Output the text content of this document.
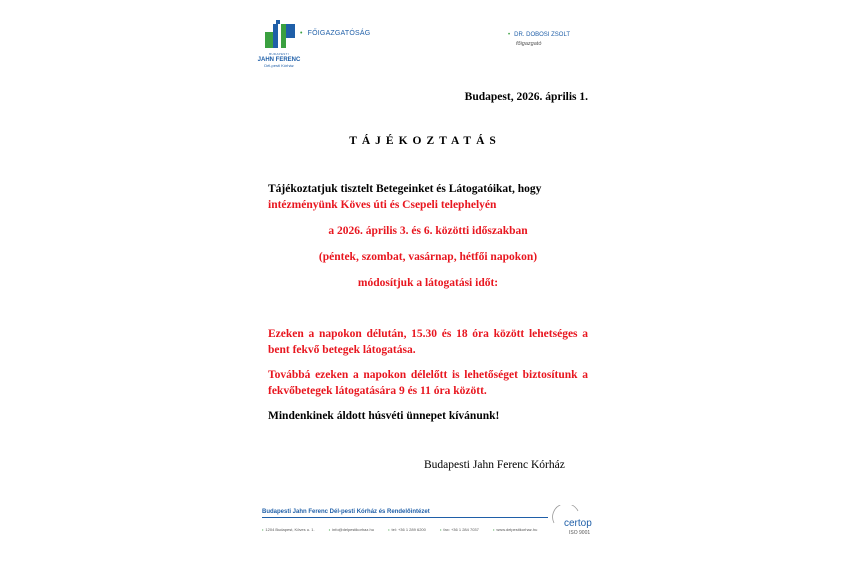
BUDAPESTI
JAHN FERENC
Dél-pesti Kórház
• FŐIGAZGATÓSÁG	• DR. DOBOSI ZSOLT
főigazgató
Budapest, 2026. április 1.
TÁJÉKOZTATÁS
Tájékoztatjuk tisztelt Betegeinket és Látogatóikat, hogy
intézményünk Köves úti és Csepeli telephelyén
a 2026. április 3. és 6. közötti időszakban
(péntek, szombat, vasárnap, hétfői napokon)
módosítjuk a látogatási időt:
Ezeken a napokon délután, 15.30 és 18 óra között lehetséges a bent fekvő betegek látogatása.
Továbbá ezeken a napokon délelőtt is lehetőséget biztosítunk a fekvőbetegek látogatására 9 és 11 óra között.
Mindenkinek áldott húsvéti ünnepet kívánunk!
Budapesti Jahn Ferenc Kórház
Budapesti Jahn Ferenc Dél-pesti Kórház és Rendelőintézet
• 1204 Budapest, Köves u. 1.	• info@delpestikorhaz.hu	• tel: +36 1 289 6200	• fax: +36 1 284 7037	• www.delpestikorhaz.hu
certop
ISO 9001
